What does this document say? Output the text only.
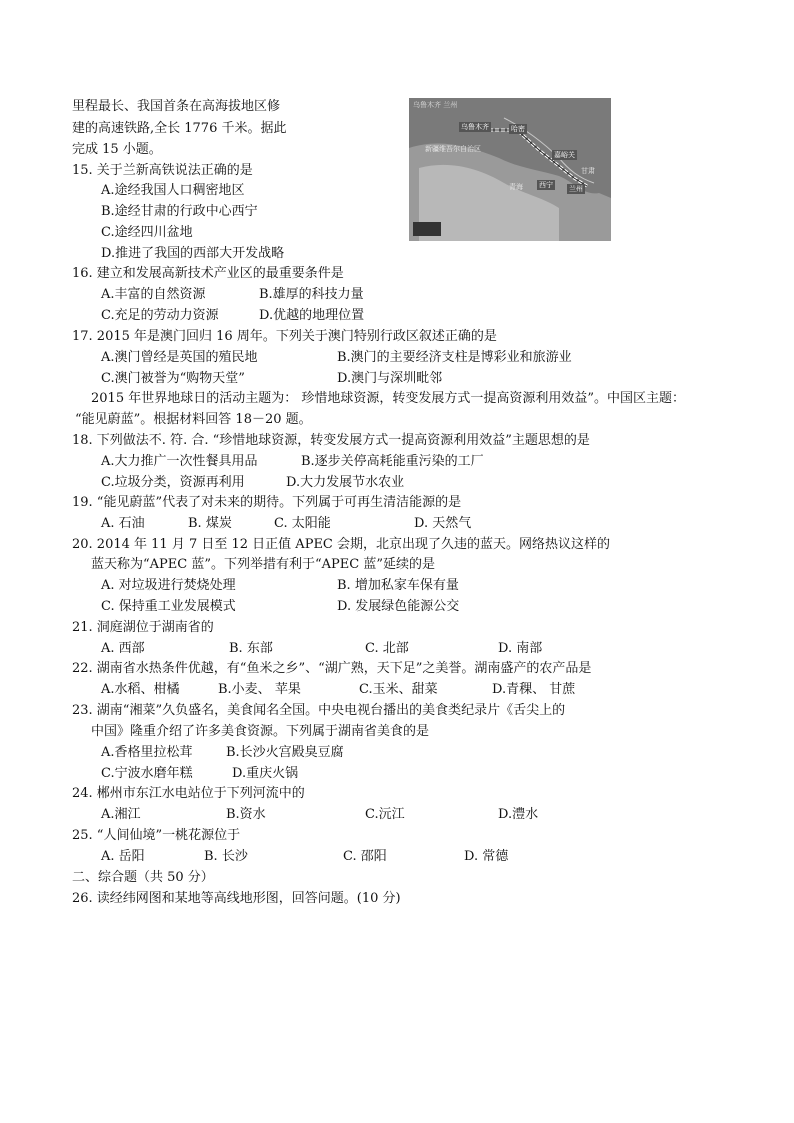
里程最长、我国首条在高海拔地区修
建的高速铁路,全长 1776 千米。据此
完成 15 小题。
乌鲁木齐 兰州
乌鲁木齐	哈密
嘉峪关
西宁 兰州
新疆维吾尔自治区
青海
甘肃
15. 关于兰新高铁说法正确的是
A.途经我国人口稠密地区
B.途经甘肃的行政中心西宁
C.途经四川盆地
D.推进了我国的西部大开发战略
16. 建立和发展高新技术产业区的最重要条件是
A.丰富的自然资源	B.雄厚的科技力量
C.充足的劳动力资源	D.优越的地理位置
17. 2015 年是澳门回归 16 周年。下列关于澳门特别行政区叙述正确的是
A.澳门曾经是英国的殖民地	B.澳门的主要经济支柱是博彩业和旅游业
C.澳门被誉为“购物天堂”	D.澳门与深圳毗邻
2015 年世界地球日的活动主题为： 珍惜地球资源，转变发展方式一提高资源利用效益”。中国区主题：
“能见蔚蓝”。根据材料回答 18－20 题。
18. 下列做法不. 符. 合. “珍惜地球资源，转变发展方式一提高资源利用效益”主题思想的是
A.大力推广一次性餐具用品	B.逐步关停高耗能重污染的工厂
C.垃圾分类，资源再利用	D.大力发展节水农业
19. “能见蔚蓝”代表了对未来的期待。下列属于可再生清洁能源的是
A. 石油	B. 煤炭	C. 太阳能	D. 天然气
20. 2014 年 11 月 7 日至 12 日正值 APEC 会期，北京出现了久违的蓝天。网络热议这样的
蓝天称为“APEC 蓝”。下列举措有利于“APEC 蓝”延续的是
A. 对垃圾进行焚烧处理	B. 增加私家车保有量
C. 保持重工业发展模式	D. 发展绿色能源公交
21. 洞庭湖位于湖南省的
A. 西部	B. 东部	C. 北部	D. 南部
22. 湖南省水热条件优越，有“鱼米之乡”、“湖广熟，天下足”之美誉。湖南盛产的农产品是
A.水稻、柑橘	B.小麦、 苹果	C.玉米、甜菜	D.青稞、 甘蔗
23. 湖南“湘菜”久负盛名，美食闻名全国。中央电视台播出的美食类纪录片《舌尖上的
中国》隆重介绍了许多美食资源。下列属于湖南省美食的是
A.香格里拉松茸	B.长沙火宫殿臭豆腐
C.宁波水磨年糕	D.重庆火锅
24. 郴州市东江水电站位于下列河流中的
A.湘江	B.资水	C.沅江	D.澧水
25. “人间仙境”一桃花源位于
A. 岳阳	B. 长沙	C. 邵阳	D. 常德
二、综合题（共 50 分）
26. 读经纬网图和某地等高线地形图，回答问题。(10 分)
